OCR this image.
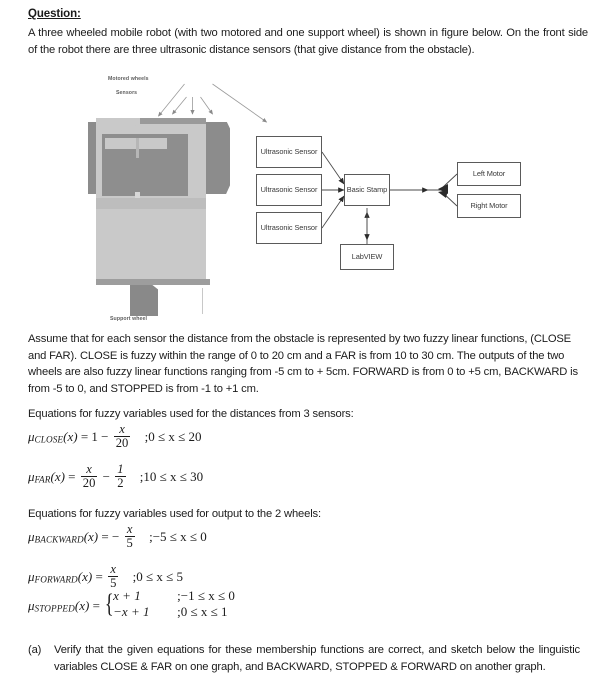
Question:
A three wheeled mobile robot (with two motored and one support wheel) is shown in figure below. On the front side of the robot there are three ultrasonic distance sensors (that give distance from the obstacle).
Motored wheels
Sensors
Support wheel
Ultrasonic Sensor
Ultrasonic Sensor
Ultrasonic Sensor
Basic Stamp
LabVIEW
Left Motor
Right Motor
Assume that for each sensor the distance from the obstacle is represented by two fuzzy linear functions, (CLOSE and FAR). CLOSE is fuzzy within the range of 0 to 20 cm and a FAR is from 10 to 30 cm. The outputs of the two wheels are also fuzzy linear functions ranging from -5 cm to + 5cm. FORWARD is from 0 to +5 cm, BACKWARD is from -5 to 0, and STOPPED is from -1 to +1 cm.
Equations for fuzzy variables used for the distances from 3 sensors:
μCLOSE(x) = $1 - \frac{x}{20}$ ;0 ≤ x ≤ 20
$\mu FAR(x) = \frac{x}{20} - \frac{1}{2}$ ;10 ≤ x ≤ 30
Equations for fuzzy variables used for output to the 2 wheels:
μBACKWARD(x) = − $\frac{x}{5}$ ;−5 ≤ x ≤ 0
μFORWARD(x) = $\frac{x}{5}$ ;0 ≤ x ≤ 5
μSTOPPED(x) = { x + 1	;−1 ≤ x ≤ 0
−x + 1 ;0 ≤ x ≤ 1
(a)	Verify that the given equations for these membership functions are correct, and sketch below the linguistic variables CLOSE & FAR on one graph, and BACKWARD, STOPPED & FORWARD on another graph.
